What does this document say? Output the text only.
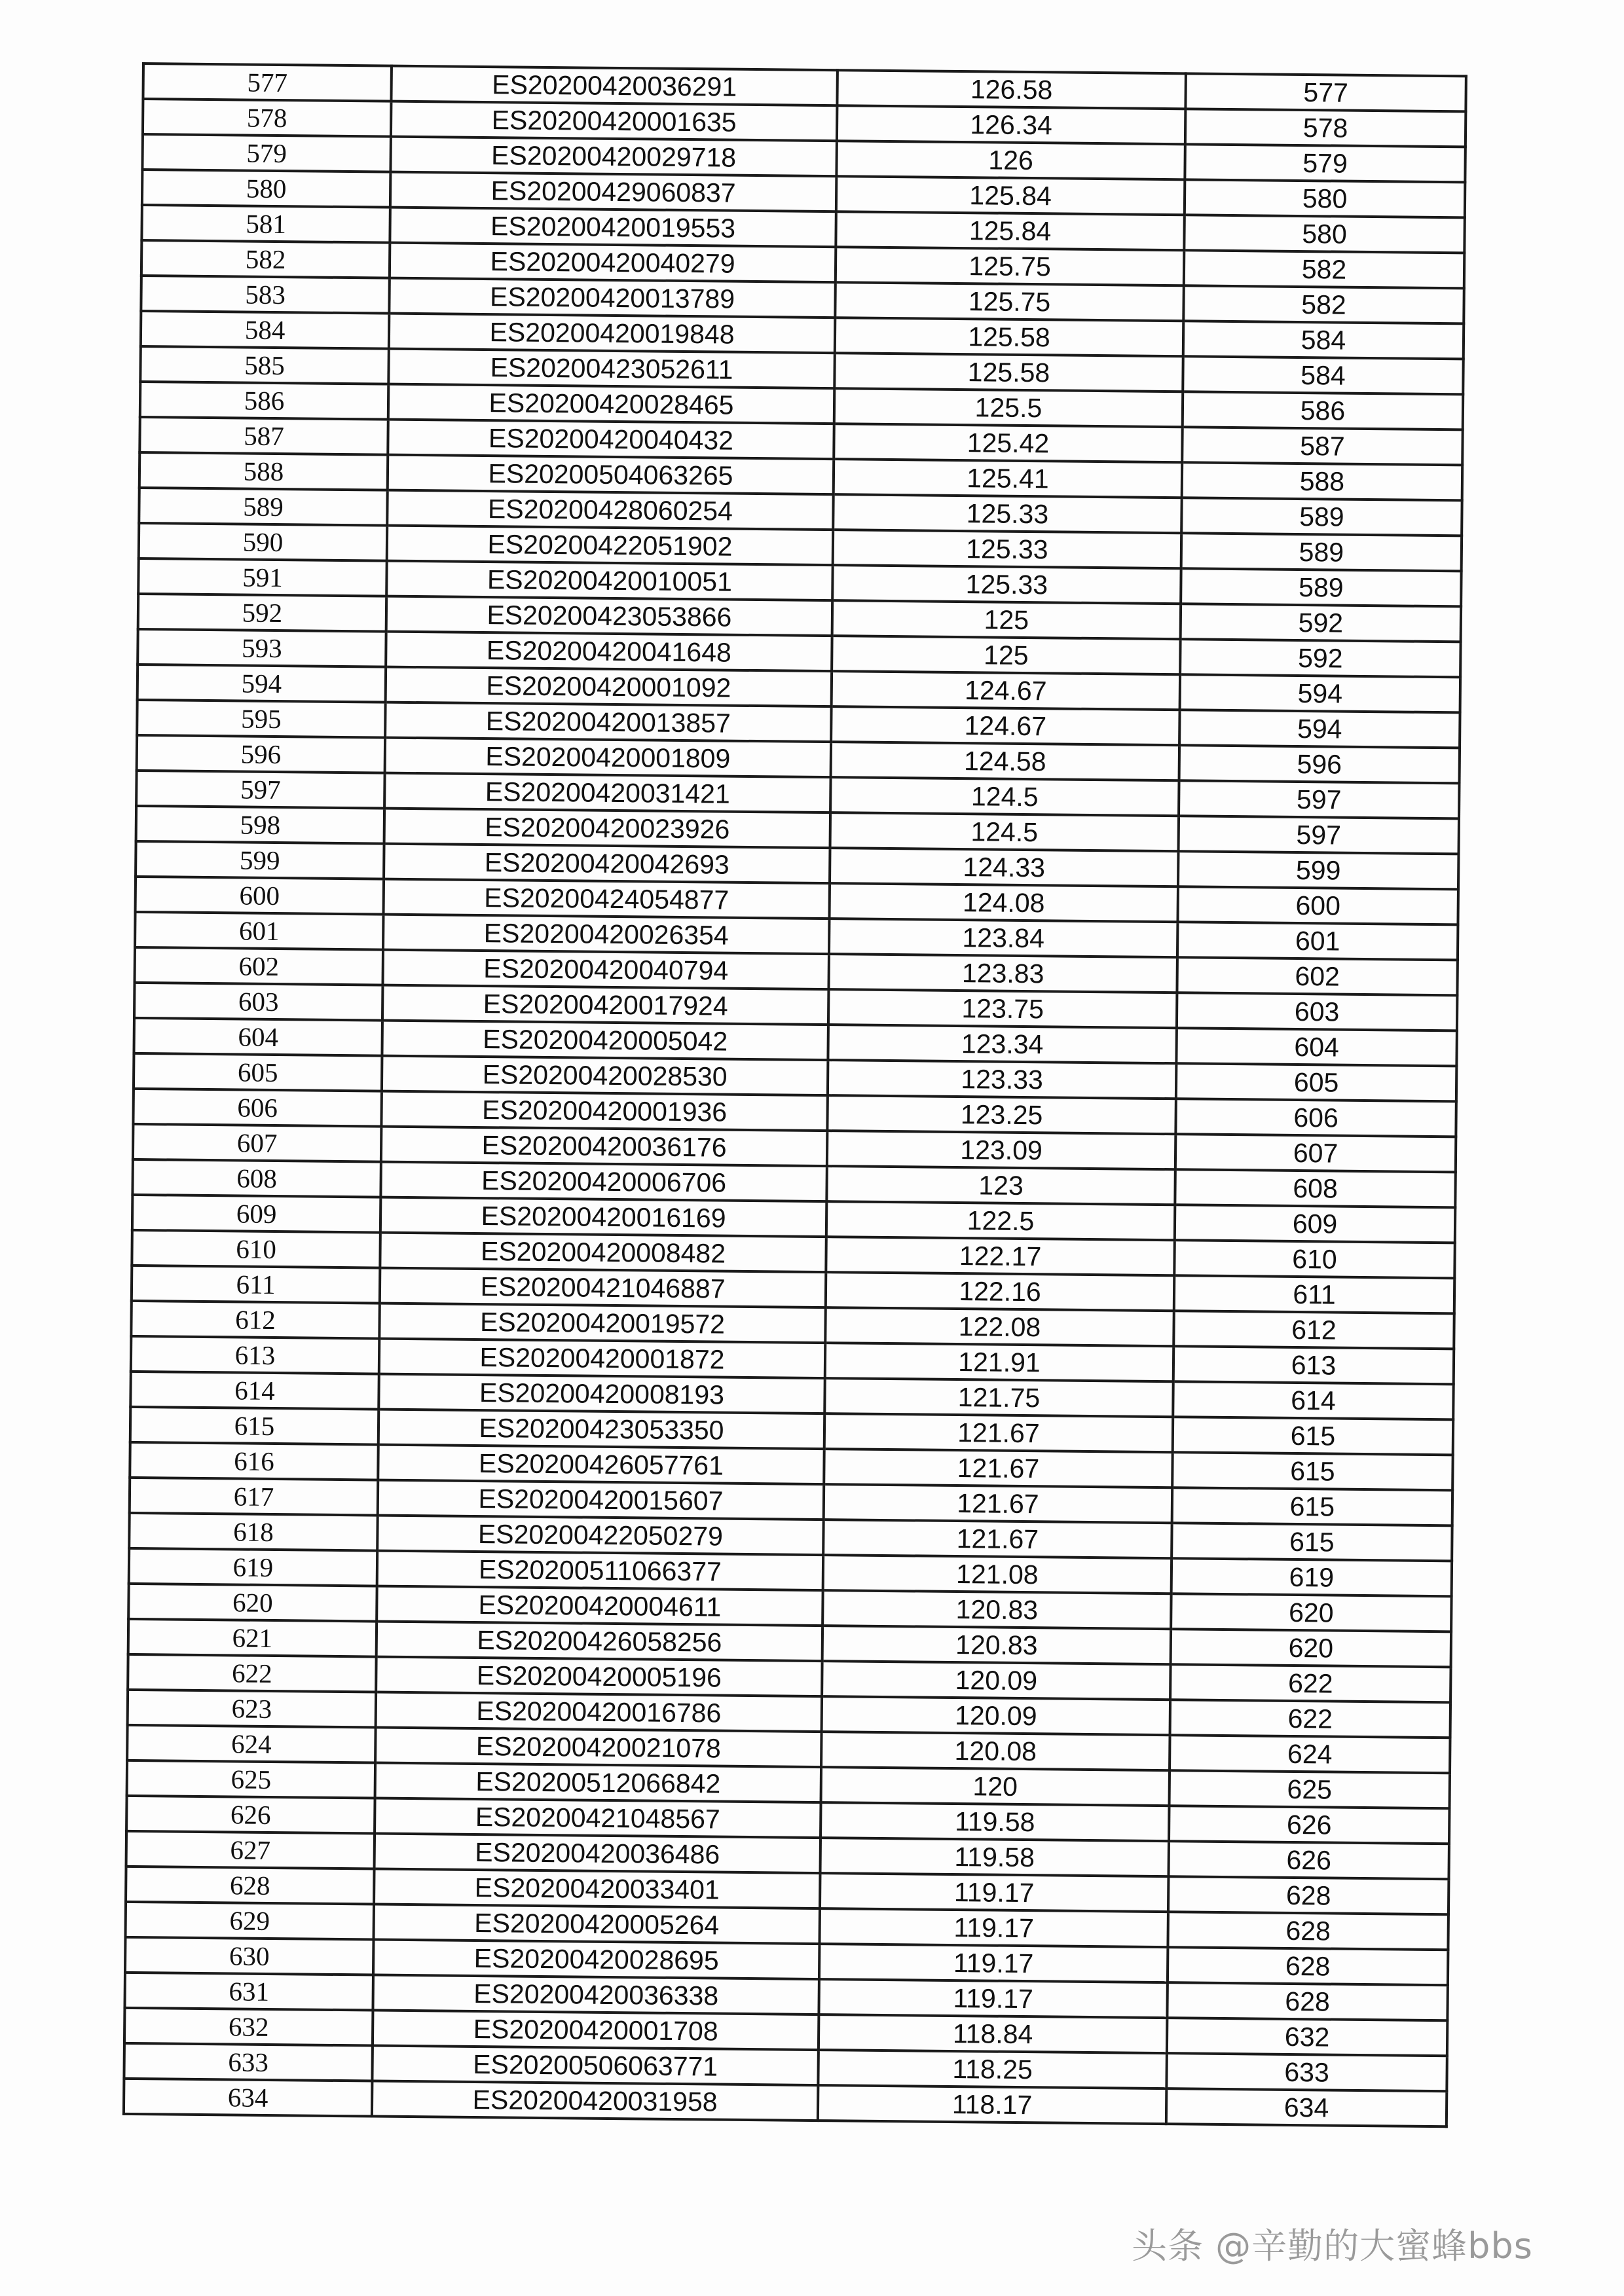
577	ES20200420036291	126.58	577
578	ES20200420001635	126.34	578
579	ES20200420029718	126	579
580	ES20200429060837	125.84	580
581	ES20200420019553	125.84	580
582	ES20200420040279	125.75	582
583	ES20200420013789	125.75	582
584	ES20200420019848	125.58	584
585	ES20200423052611	125.58	584
586	ES20200420028465	125.5	586
587	ES20200420040432	125.42	587
588	ES20200504063265	125.41	588
589	ES20200428060254	125.33	589
590	ES20200422051902	125.33	589
591	ES20200420010051	125.33	589
592	ES20200423053866	125	592
593	ES20200420041648	125	592
594	ES20200420001092	124.67	594
595	ES20200420013857	124.67	594
596	ES20200420001809	124.58	596
597	ES20200420031421	124.5	597
598	ES20200420023926	124.5	597
599	ES20200420042693	124.33	599
600	ES20200424054877	124.08	600
601	ES20200420026354	123.84	601
602	ES20200420040794	123.83	602
603	ES20200420017924	123.75	603
604	ES20200420005042	123.34	604
605	ES20200420028530	123.33	605
606	ES20200420001936	123.25	606
607	ES20200420036176	123.09	607
608	ES20200420006706	123	608
609	ES20200420016169	122.5	609
610	ES20200420008482	122.17	610
611	ES20200421046887	122.16	611
612	ES20200420019572	122.08	612
613	ES20200420001872	121.91	613
614	ES20200420008193	121.75	614
615	ES20200423053350	121.67	615
616	ES20200426057761	121.67	615
617	ES20200420015607	121.67	615
618	ES20200422050279	121.67	615
619	ES20200511066377	121.08	619
620	ES20200420004611	120.83	620
621	ES20200426058256	120.83	620
622	ES20200420005196	120.09	622
623	ES20200420016786	120.09	622
624	ES20200420021078	120.08	624
625	ES20200512066842	120	625
626	ES20200421048567	119.58	626
627	ES20200420036486	119.58	626
628	ES20200420033401	119.17	628
629	ES20200420005264	119.17	628
630	ES20200420028695	119.17	628
631	ES20200420036338	119.17	628
632	ES20200420001708	118.84	632
633	ES20200506063771	118.25	633
634	ES20200420031958	118.17	634
头条 @辛勤的大蜜蜂bbs
